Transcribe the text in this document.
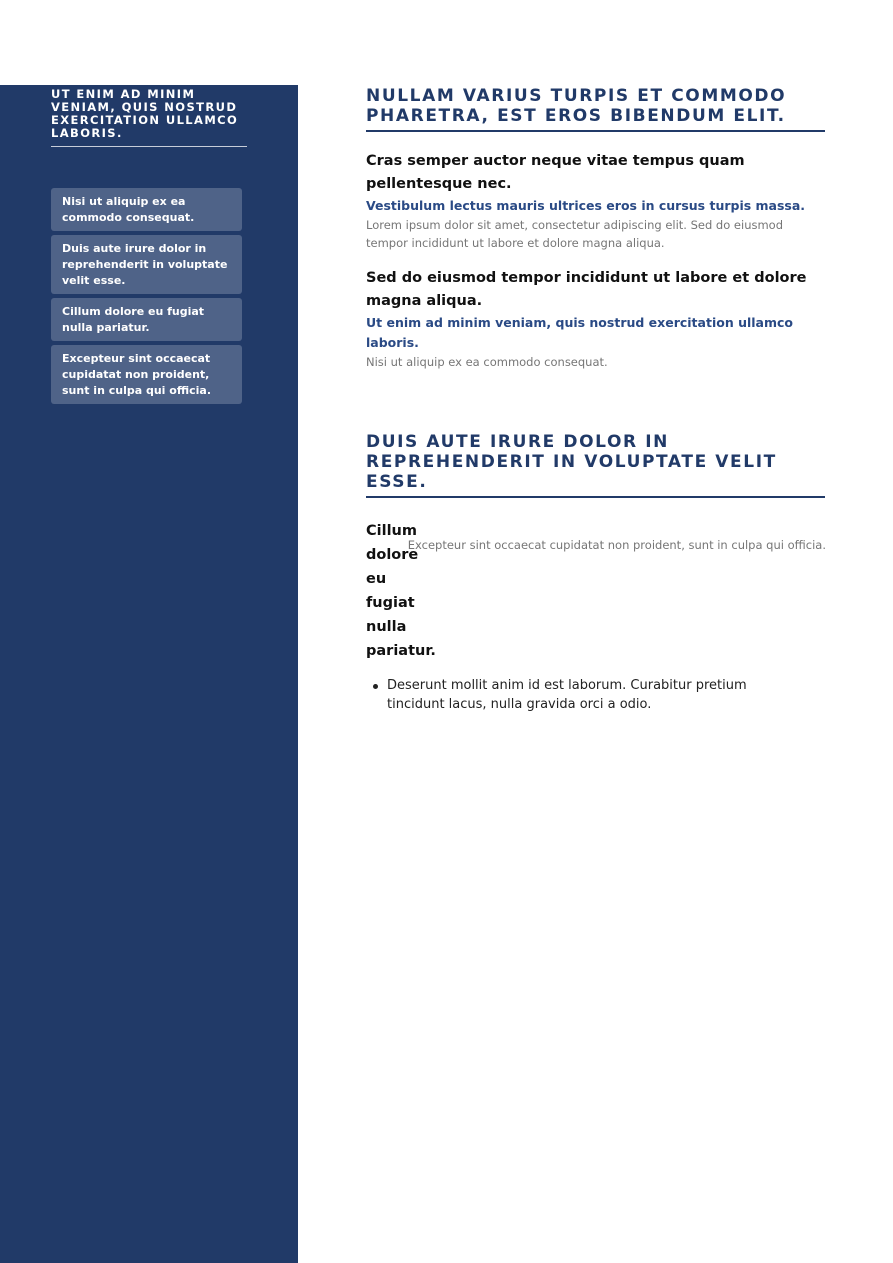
UT ENIM AD MINIM VENIAM, QUIS NOSTRUD EXERCITATION ULLAMCO LABORIS.
Nisi ut aliquip ex ea commodo consequat.
Duis aute irure dolor in reprehenderit in voluptate velit esse.
Cillum dolore eu fugiat nulla pariatur.
Excepteur sint occaecat cupidatat non proident, sunt in culpa qui officia.
NULLAM VARIUS TURPIS ET COMMODO PHARETRA, EST EROS BIBENDUM ELIT.
Cras semper auctor neque vitae tempus quam pellentesque nec.

Vestibulum lectus mauris ultrices eros in cursus turpis massa.

Lorem ipsum dolor sit amet, consectetur adipiscing elit. Sed do eiusmod tempor incididunt ut labore et dolore magna aliqua.

Sed do eiusmod tempor incididunt ut labore et dolore magna aliqua.

Ut enim ad minim veniam, quis nostrud exercitation ullamco laboris.

Nisi ut aliquip ex ea commodo consequat.

DUIS AUTE IRURE DOLOR IN REPREHENDERIT IN VOLUPTATE VELIT ESSE.

Excepteur sint occaecat cupidatat non proident, sunt in culpa qui officia.

Cillum dolore eu fugiat nulla pariatur.
Deserunt mollit anim id est laborum. Curabitur pretium tincidunt lacus, nulla gravida orci a odio.
